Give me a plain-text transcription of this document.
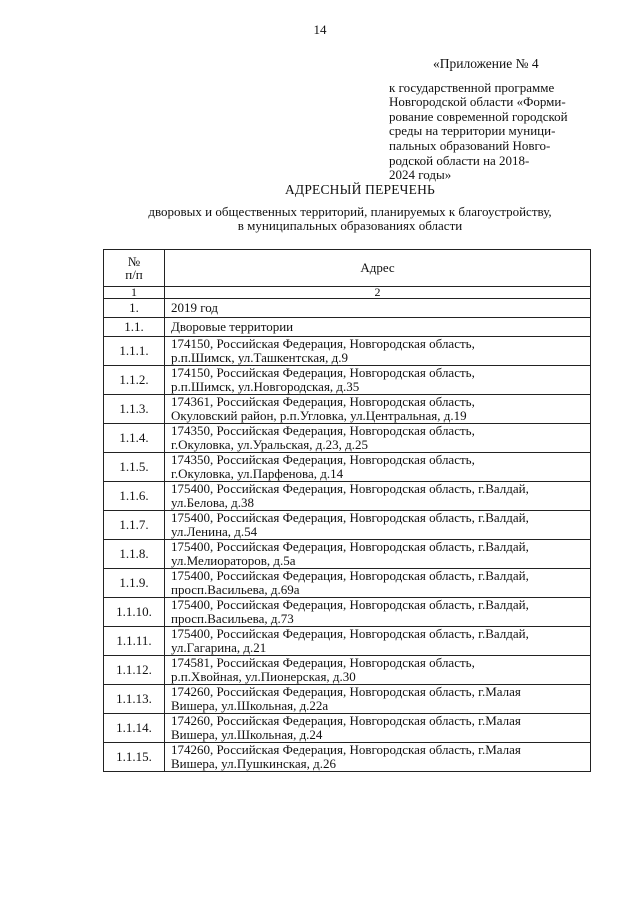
14
«Приложение № 4
к государственной программе
Новгородской области «Форми-
рование современной городской
среды на территории муници-
пальных образований Новго-
родской области на 2018-
2024 годы»
АДРЕСНЫЙ ПЕРЕЧЕНЬ
дворовых и общественных территорий, планируемых к благоустройству,
в муниципальных образованиях области
№
п/п	Адрес
1	2
1.	2019 год
1.1.	Дворовые территории
1.1.1.	174150, Российская Федерация, Новгородская область,
р.п.Шимск, ул.Ташкентская, д.9
1.1.2.	174150, Российская Федерация, Новгородская область,
р.п.Шимск, ул.Новгородская, д.35
1.1.3.	174361, Российская Федерация, Новгородская область,
Окуловский район, р.п.Угловка, ул.Центральная, д.19
1.1.4.	174350, Российская Федерация, Новгородская область,
г.Окуловка, ул.Уральская, д.23, д.25
1.1.5.	174350, Российская Федерация, Новгородская область,
г.Окуловка, ул.Парфенова, д.14
1.1.6.	175400, Российская Федерация, Новгородская область, г.Валдай,
ул.Белова, д.38
1.1.7.	175400, Российская Федерация, Новгородская область, г.Валдай,
ул.Ленина, д.54
1.1.8.	175400, Российская Федерация, Новгородская область, г.Валдай,
ул.Мелиораторов, д.5а
1.1.9.	175400, Российская Федерация, Новгородская область, г.Валдай,
просп.Васильева, д.69а
1.1.10.	175400, Российская Федерация, Новгородская область, г.Валдай,
просп.Васильева, д.73
1.1.11.	175400, Российская Федерация, Новгородская область, г.Валдай,
ул.Гагарина, д.21
1.1.12.	174581, Российская Федерация, Новгородская область,
р.п.Хвойная, ул.Пионерская, д.30
1.1.13.	174260, Российская Федерация, Новгородская область, г.Малая
Вишера, ул.Школьная, д.22а
1.1.14.	174260, Российская Федерация, Новгородская область, г.Малая
Вишера, ул.Школьная, д.24
1.1.15.	174260, Российская Федерация, Новгородская область, г.Малая
Вишера, ул.Пушкинская, д.26
